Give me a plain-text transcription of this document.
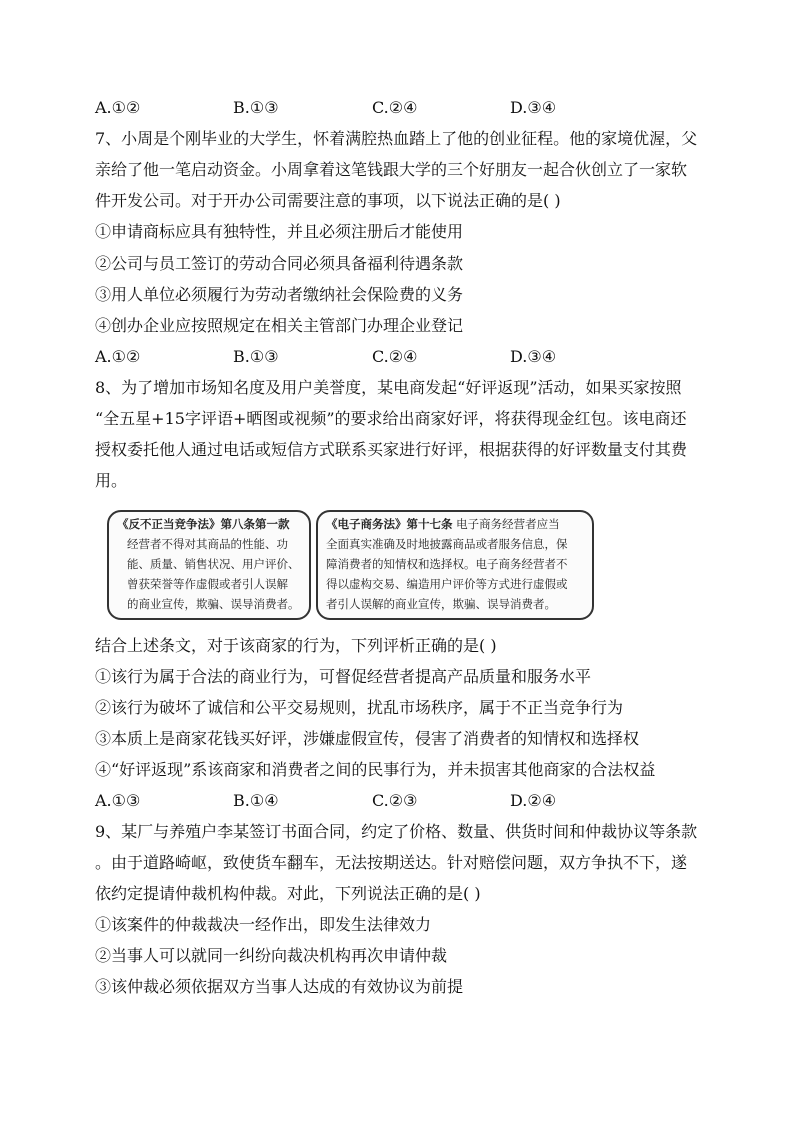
A.①②	B.①③	C.②④	D.③④
7、小周是个刚毕业的大学生，怀着满腔热血踏上了他的创业征程。他的家境优渥，父
亲给了他一笔启动资金。小周拿着这笔钱跟大学的三个好朋友一起合伙创立了一家软
件开发公司。对于开办公司需要注意的事项，以下说法正确的是( )
①申请商标应具有独特性，并且必须注册后才能使用
②公司与员工签订的劳动合同必须具备福利待遇条款
③用人单位必须履行为劳动者缴纳社会保险费的义务
④创办企业应按照规定在相关主管部门办理企业登记
A.①②	B.①③	C.②④	D.③④
8、为了增加市场知名度及用户美誉度，某电商发起“好评返现”活动，如果买家按照
“全五星+15字评语+晒图或视频”的要求给出商家好评，将获得现金红包。该电商还
授权委托他人通过电话或短信方式联系买家进行好评，根据获得的好评数量支付其费
用。
《反不正当竞争法》第八条第一款
经营者不得对其商品的性能、功
能、质量、销售状况、用户评价、
曾获荣誉等作虚假或者引人误解
的商业宣传，欺骗、误导消费者。
《电子商务法》第十七条 电子商务经营者应当
全面真实准确及时地披露商品或者服务信息，保
障消费者的知情权和选择权。电子商务经营者不
得以虚构交易、编造用户评价等方式进行虚假或
者引人误解的商业宣传，欺骗、误导消费者。
结合上述条文，对于该商家的行为，下列评析正确的是( )
①该行为属于合法的商业行为，可督促经营者提高产品质量和服务水平
②该行为破坏了诚信和公平交易规则，扰乱市场秩序，属于不正当竞争行为
③本质上是商家花钱买好评，涉嫌虚假宣传，侵害了消费者的知情权和选择权
④“好评返现”系该商家和消费者之间的民事行为，并未损害其他商家的合法权益
A.①③	B.①④	C.②③	D.②④
9、某厂与养殖户李某签订书面合同，约定了价格、数量、供货时间和仲裁协议等条款
。由于道路崎岖，致使货车翻车，无法按期送达。针对赔偿问题，双方争执不下，遂
依约定提请仲裁机构仲裁。对此，下列说法正确的是( )
①该案件的仲裁裁决一经作出，即发生法律效力
②当事人可以就同一纠纷向裁决机构再次申请仲裁
③该仲裁必须依据双方当事人达成的有效协议为前提
